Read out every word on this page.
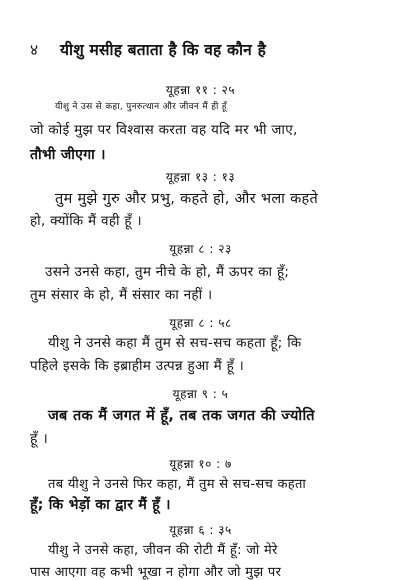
४ यीशु मसीह बताता है कि वह कौन है
यूहन्ना ११ : २५
यीशु ने उस से कहा, पुनरुत्थान और जीवन मैं ही हूँ
जो कोई मुझ पर विश्वास करता वह यदि मर भी जाए,
तौभी जीएगा ।
यूहन्ना १३ : १३
तुम मुझे गुरु और प्रभु, कहते हो, और भला कहते
हो, क्योंकि मैं वही हूँ ।
यूहन्ना ८ : २३
उसने उनसे कहा, तुम नीचे के हो, मैं ऊपर का हूँ;
तुम संसार के हो, मैं संसार का नहीं ।
यूहन्ना ८ : ५८
यीशु ने उनसे कहा मैं तुम से सच-सच कहता हूँ; कि
पहिले इसके कि इब्राहीम उत्पन्न हुआ मैं हूँ ।
यूहन्ना ९ : ५
जब तक मैं जगत में हूँ, तब तक जगत की ज्योति
हूँ ।
यूहन्ना १० : ७
तब यीशु ने उनसे फिर कहा, मैं तुम से सच-सच कहता
हूँ; कि भेड़ों का द्वार मैं हूँ ।
यूहन्ना ६ : ३५
यीशु ने उनसे कहा, जीवन की रोटी मैं हूँ: जो मेरे
पास आएगा वह कभी भूखा न होगा और जो मुझ पर
